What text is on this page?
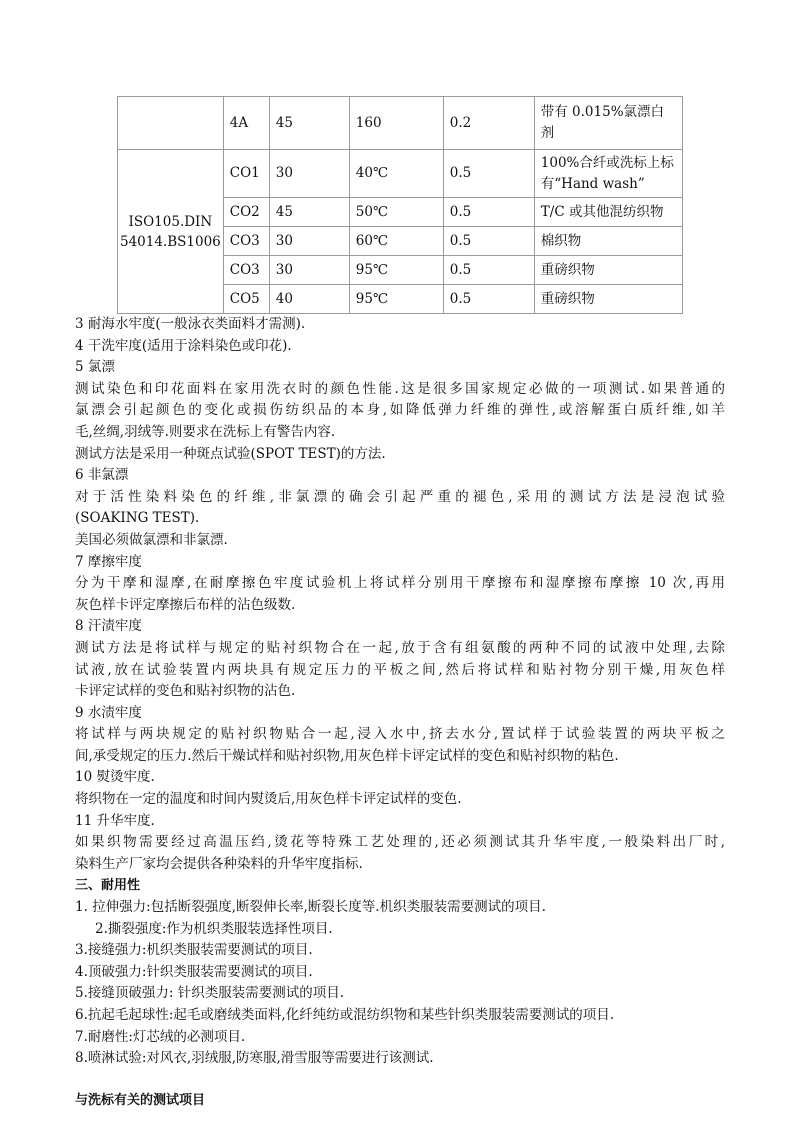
	4A	45	160	0.2	带有 0.015%氯漂白剂
ISO105.DIN
54014.BS1006	CO1	30	40℃	0.5	100%合纤或洗标上标有“Hand wash”
	CO2	45	50℃	0.5	T/C 或其他混纺织物
	CO3	30	60℃	0.5	棉织物
	CO3	30	95℃	0.5	重磅织物
	CO5	40	95℃	0.5	重磅织物
3 耐海水牢度(一般泳衣类面料才需测).
4 干洗牢度(适用于涂料染色或印花).
5 氯漂
测试染色和印花面料在家用洗衣时的颜色性能.这是很多国家规定必做的一项测试.如果普通的
氯漂会引起颜色的变化或损伤纺织品的本身,如降低弹力纤维的弹性,或溶解蛋白质纤维,如羊
毛,丝绸,羽绒等.则要求在洗标上有警告内容.
测试方法是采用一种斑点试验(SPOT TEST)的方法.
6 非氯漂
对于活性染料染色的纤维,非氯漂的确会引起严重的褪色,采用的测试方法是浸泡试验
(SOAKING TEST).
美国必须做氯漂和非氯漂.
7 摩擦牢度
分为干摩和湿摩,在耐摩擦色牢度试验机上将试样分别用干摩擦布和湿摩擦布摩擦 10 次,再用
灰色样卡评定摩擦后布样的沾色级数.
8 汗渍牢度
测试方法是将试样与规定的贴衬织物合在一起,放于含有组氨酸的两种不同的试液中处理,去除
试液,放在试验装置内两块具有规定压力的平板之间,然后将试样和贴衬物分别干燥,用灰色样
卡评定试样的变色和贴衬织物的沾色.
9 水渍牢度
将试样与两块规定的贴衬织物贴合一起,浸入水中,挤去水分,置试样于试验装置的两块平板之
间,承受规定的压力.然后干燥试样和贴衬织物,用灰色样卡评定试样的变色和贴衬织物的粘色.
10 熨烫牢度.
将织物在一定的温度和时间内熨烫后,用灰色样卡评定试样的变色.
11 升华牢度.
如果织物需要经过高温压绉,烫花等特殊工艺处理的,还必须测试其升华牢度,一般染料出厂时,
染料生产厂家均会提供各种染料的升华牢度指标.
三、耐用性
1. 拉伸强力:包括断裂强度,断裂伸长率,断裂长度等.机织类服装需要测试的项目.
2.撕裂强度:作为机织类服装选择性项目.
3.接缝强力:机织类服装需要测试的项目.
4.顶破强力:针织类服装需要测试的项目.
5.接缝顶破强力: 针织类服装需要测试的项目.
6.抗起毛起球性:起毛或磨绒类面料,化纤纯纺或混纺织物和某些针织类服装需要测试的项目.
7.耐磨性:灯芯绒的必测项目.
8.喷淋试验:对风衣,羽绒服,防寒服,滑雪服等需要进行该测试.
与洗标有关的测试项目
